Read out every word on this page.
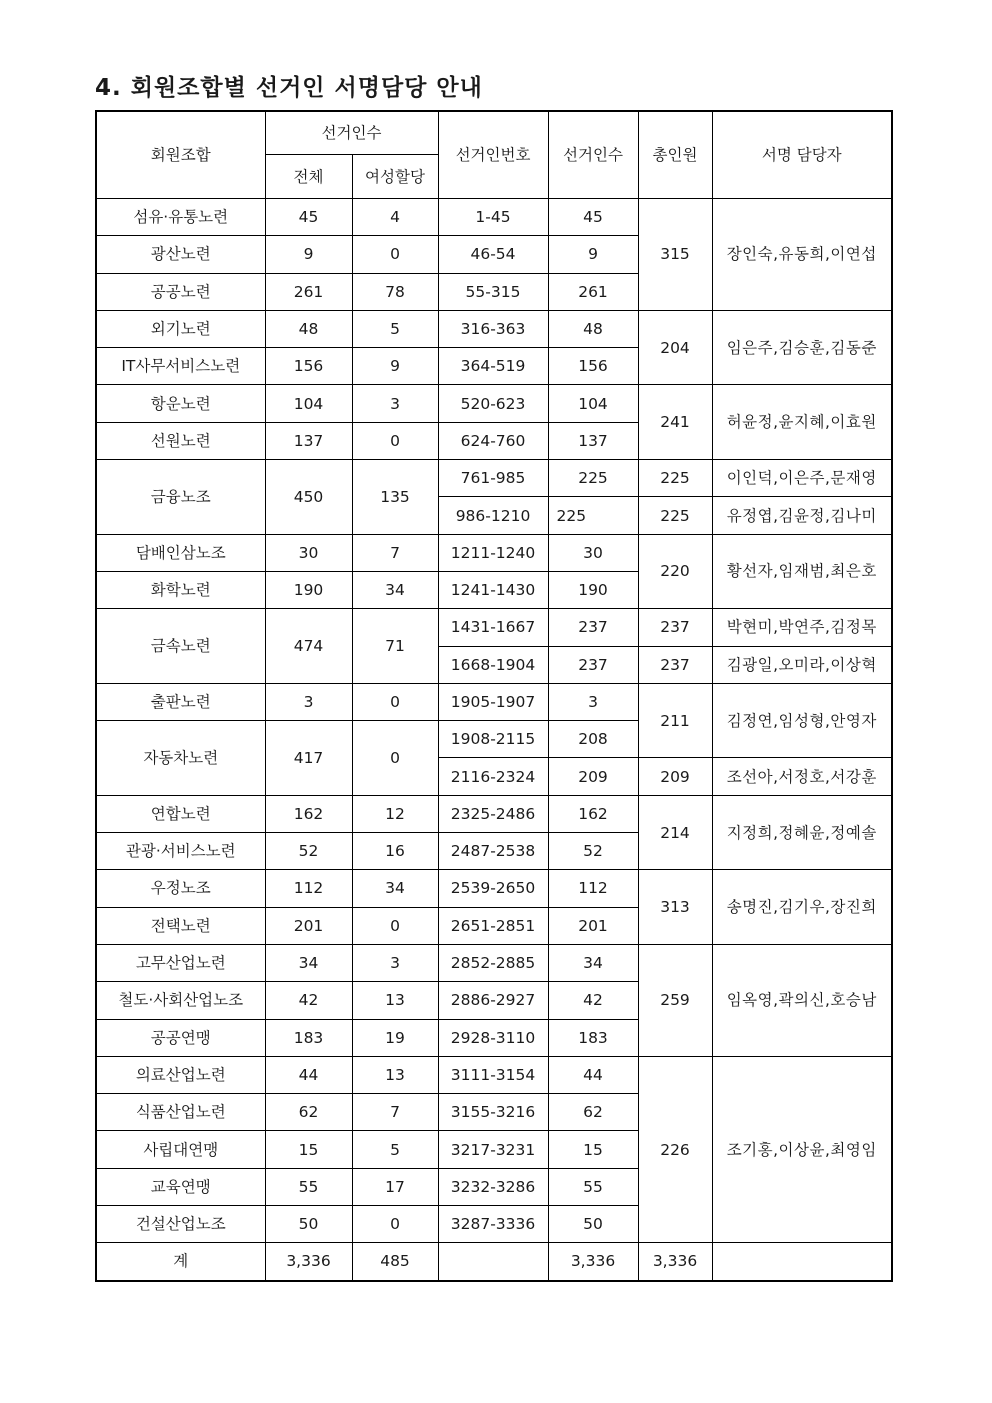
4. 회원조합별 선거인 서명담당 안내
회원조합	선거인수		선거인번호	선거인수	총인원	서명 담당자
	전체	여성할당				
섬유·유통노련	45	4	1-45	45	315	장인숙,유동희,이연섭
광산노련	9	0	46-54	9		
공공노련	261	78	55-315	261		
외기노련	48	5	316-363	48	204	임은주,김승훈,김동준
IT사무서비스노련	156	9	364-519	156		
항운노련	104	3	520-623	104	241	허윤정,윤지혜,이효원
선원노련	137	0	624-760	137		
금융노조	450	135	761-985	225	225	이인덕,이은주,문재영
			986-1210	225	225	유정엽,김윤정,김나미
담배인삼노조	30	7	1211-1240	30	220	황선자,임재범,최은호
화학노련	190	34	1241-1430	190		
금속노련	474	71	1431-1667	237	237	박현미,박연주,김정목
			1668-1904	237	237	김광일,오미라,이상혁
출판노련	3	0	1905-1907	3	211	김정연,임성형,안영자
자동차노련	417	0	1908-2115	208		
			2116-2324	209	209	조선아,서정호,서강훈
연합노련	162	12	2325-2486	162	214	지정희,정혜윤,정예솔
관광·서비스노련	52	16	2487-2538	52		
우정노조	112	34	2539-2650	112	313	송명진,김기우,장진희
전택노련	201	0	2651-2851	201		
고무산업노련	34	3	2852-2885	34	259	임옥영,곽의신,호승남
철도·사회산업노조	42	13	2886-2927	42		
공공연맹	183	19	2928-3110	183		
의료산업노련	44	13	3111-3154	44	226	조기홍,이상윤,최영임
식품산업노련	62	7	3155-3216	62		
사립대연맹	15	5	3217-3231	15		
교육연맹	55	17	3232-3286	55		
건설산업노조	50	0	3287-3336	50		
계	3,336	485		3,336	3,336	
